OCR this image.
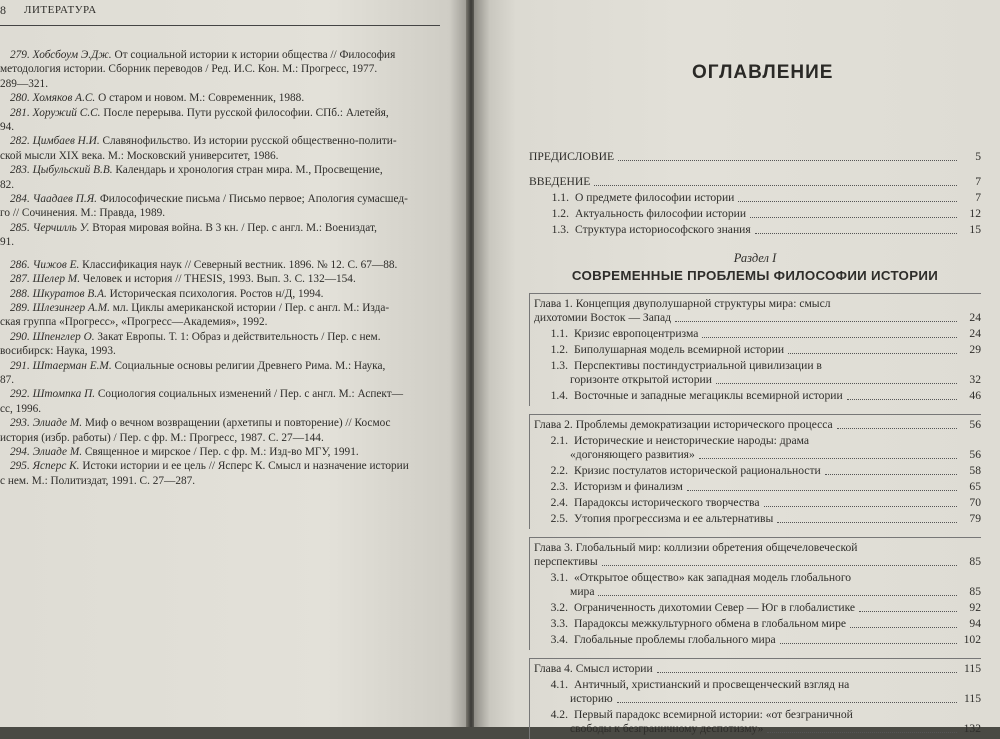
8 ЛИТЕРАТУРА

279. Хобсбоум Э.Дж. От социальной истории к истории общества // Философия

методология истории. Сборник переводов / Ред. И.С. Кон. М.: Прогресс, 1977.

289—321.

280. Хомяков А.С. О старом и новом. М.: Современник, 1988.

281. Хоружий С.С. После перерыва. Пути русской философии. СПб.: Алетейя,

94.

282. Цимбаев Н.И. Славянофильство. Из истории русской общественно-полити-

ской мысли XIX века. М.: Московский университет, 1986.

283. Цыбульский В.В. Календарь и хронология стран мира. М., Просвещение,

82.

284. Чаадаев П.Я. Философические письма / Письмо первое; Апология сумасшед-

го // Сочинения. М.: Правда, 1989.

285. Черчилль У. Вторая мировая война. В 3 кн. / Пер. с англ. М.: Воениздат,

91.

286. Чижов Е. Классификация наук // Северный вестник. 1896. № 12. С. 67—88.

287. Шелер М. Человек и история // THESIS, 1993. Вып. 3. С. 132—154.

288. Шкуратов В.А. Историческая психология. Ростов н/Д, 1994.

289. Шлезингер А.М. мл. Циклы американской истории / Пер. с англ. М.: Изда-

ская группа «Прогресс», «Прогресс—Академия», 1992.

290. Шпенглер О. Закат Европы. Т. 1: Образ и действительность / Пер. с нем.

восибирск: Наука, 1993.

291. Штаерман Е.М. Социальные основы религии Древнего Рима. М.: Наука,

87.

292. Штомпка П. Социология социальных изменений / Пер. с англ. М.: Аспект—

сс, 1996.

293. Элиаде М. Миф о вечном возвращении (архетипы и повторение) // Космос

история (избр. работы) / Пер. с фр. М.: Прогресс, 1987. С. 27—144.

294. Элиаде М. Священное и мирское / Пер. с фр. М.: Изд-во МГУ, 1991.

295. Ясперс К. Истоки истории и ее цель // Ясперс К. Смысл и назначение истории

с нем. М.: Политиздат, 1991. С. 27—287.

ОГЛАВЛЕНИЕ
ПРЕДИСЛОВИЕ	5
ВВЕДЕНИЕ	7
1.1. О предмете философии истории	7
1.2. Актуальность философии истории	12
1.3. Структура историософского знания	15
Раздел I
СОВРЕМЕННЫЕ ПРОБЛЕМЫ ФИЛОСОФИИ ИСТОРИИ
Глава 1. Концепция двуполушарной структуры мира: смысл
дихотомии Восток — Запад	24
1.1. Кризис европоцентризма	24
1.2. Биполушарная модель всемирной истории	29
1.3. Перспективы постиндустриальной цивилизации в
горизонте открытой истории	32
1.4. Восточные и западные мегациклы всемирной истории	46
Глава 2. Проблемы демократизации исторического процесса	56
2.1. Исторические и неисторические народы: драма
«догоняющего развития»	56
2.2. Кризис постулатов исторической рациональности	58
2.3. Историзм и финализм	65
2.4. Парадоксы исторического творчества	70
2.5. Утопия прогрессизма и ее альтернативы	79
Глава 3. Глобальный мир: коллизии обретения общечеловеческой
перспективы	85
3.1. «Открытое общество» как западная модель глобального
мира	85
3.2. Ограниченность дихотомии Север — Юг в глобалистике	92
3.3. Парадоксы межкультурного обмена в глобальном мире	94
3.4. Глобальные проблемы глобального мира	102
Глава 4. Смысл истории	115
4.1. Античный, христианский и просвещенческий взгляд на
историю	115
4.2. Первый парадокс всемирной истории: «от безграничной
свободы к безграничному деспотизму»	132
